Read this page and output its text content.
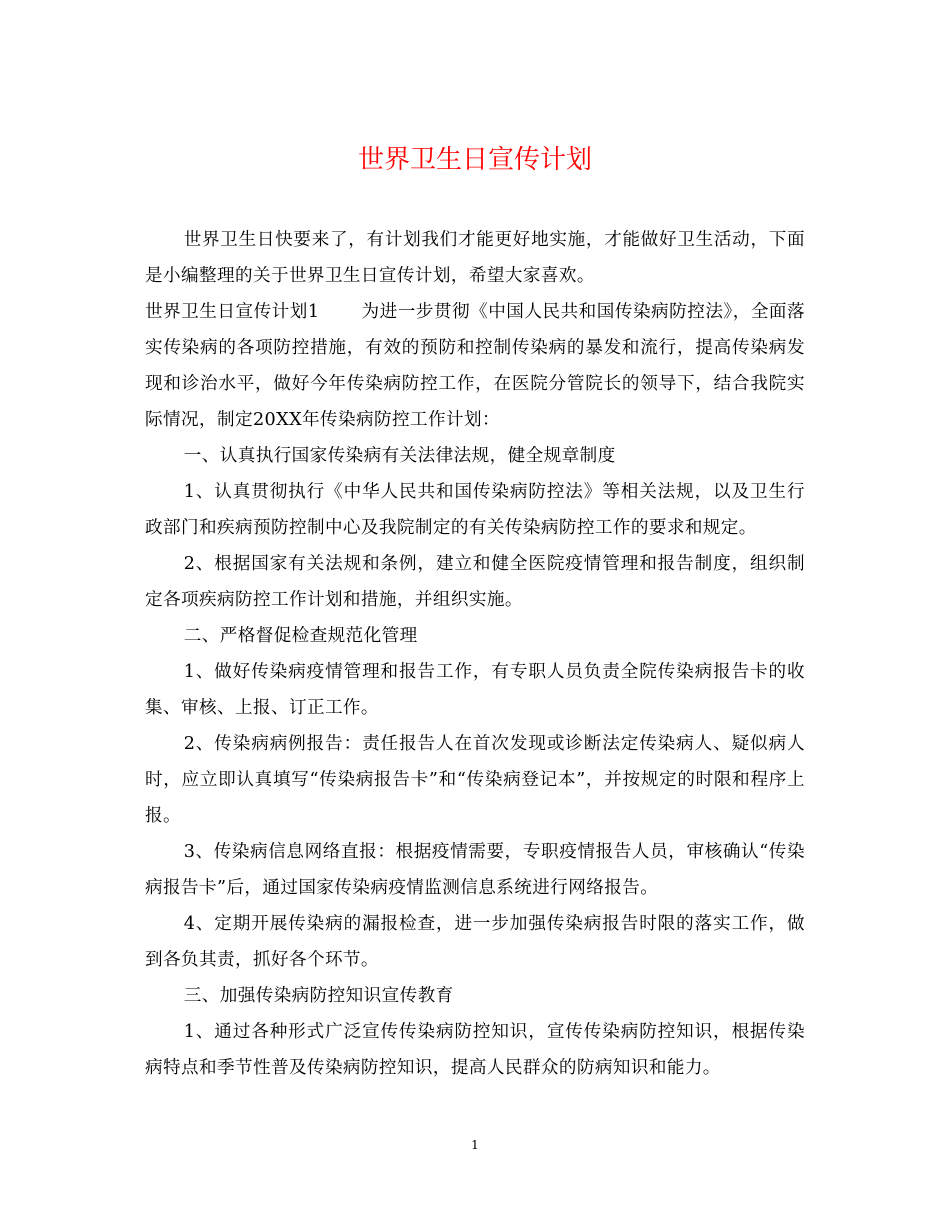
世界卫生日宣传计划

世界卫生日快要来了，有计划我们才能更好地实施，才能做好卫生活动，下面是小编整理的关于世界卫生日宣传计划，希望大家喜欢。

世界卫生日宣传计划1 为进一步贯彻《中国人民共和国传染病防控法》，全面落实传染病的各项防控措施，有效的预防和控制传染病的暴发和流行，提高传染病发现和诊治水平，做好今年传染病防控工作，在医院分管院长的领导下，结合我院实际情况，制定20XX年传染病防控工作计划：

一、认真执行国家传染病有关法律法规，健全规章制度

1、认真贯彻执行《中华人民共和国传染病防控法》等相关法规，以及卫生行政部门和疾病预防控制中心及我院制定的有关传染病防控工作的要求和规定。

2、根据国家有关法规和条例，建立和健全医院疫情管理和报告制度，组织制定各项疾病防控工作计划和措施，并组织实施。

二、严格督促检查规范化管理

1、做好传染病疫情管理和报告工作，有专职人员负责全院传染病报告卡的收集、审核、上报、订正工作。

2、传染病病例报告：责任报告人在首次发现或诊断法定传染病人、疑似病人时，应立即认真填写“传染病报告卡”和“传染病登记本”，并按规定的时限和程序上报。

3、传染病信息网络直报：根据疫情需要，专职疫情报告人员，审核确认“传染病报告卡”后，通过国家传染病疫情监测信息系统进行网络报告。

4、定期开展传染病的漏报检查，进一步加强传染病报告时限的落实工作，做到各负其责，抓好各个环节。

三、加强传染病防控知识宣传教育

1、通过各种形式广泛宣传传染病防控知识，宣传传染病防控知识，根据传染病特点和季节性普及传染病防控知识，提高人民群众的防病知识和能力。

1
